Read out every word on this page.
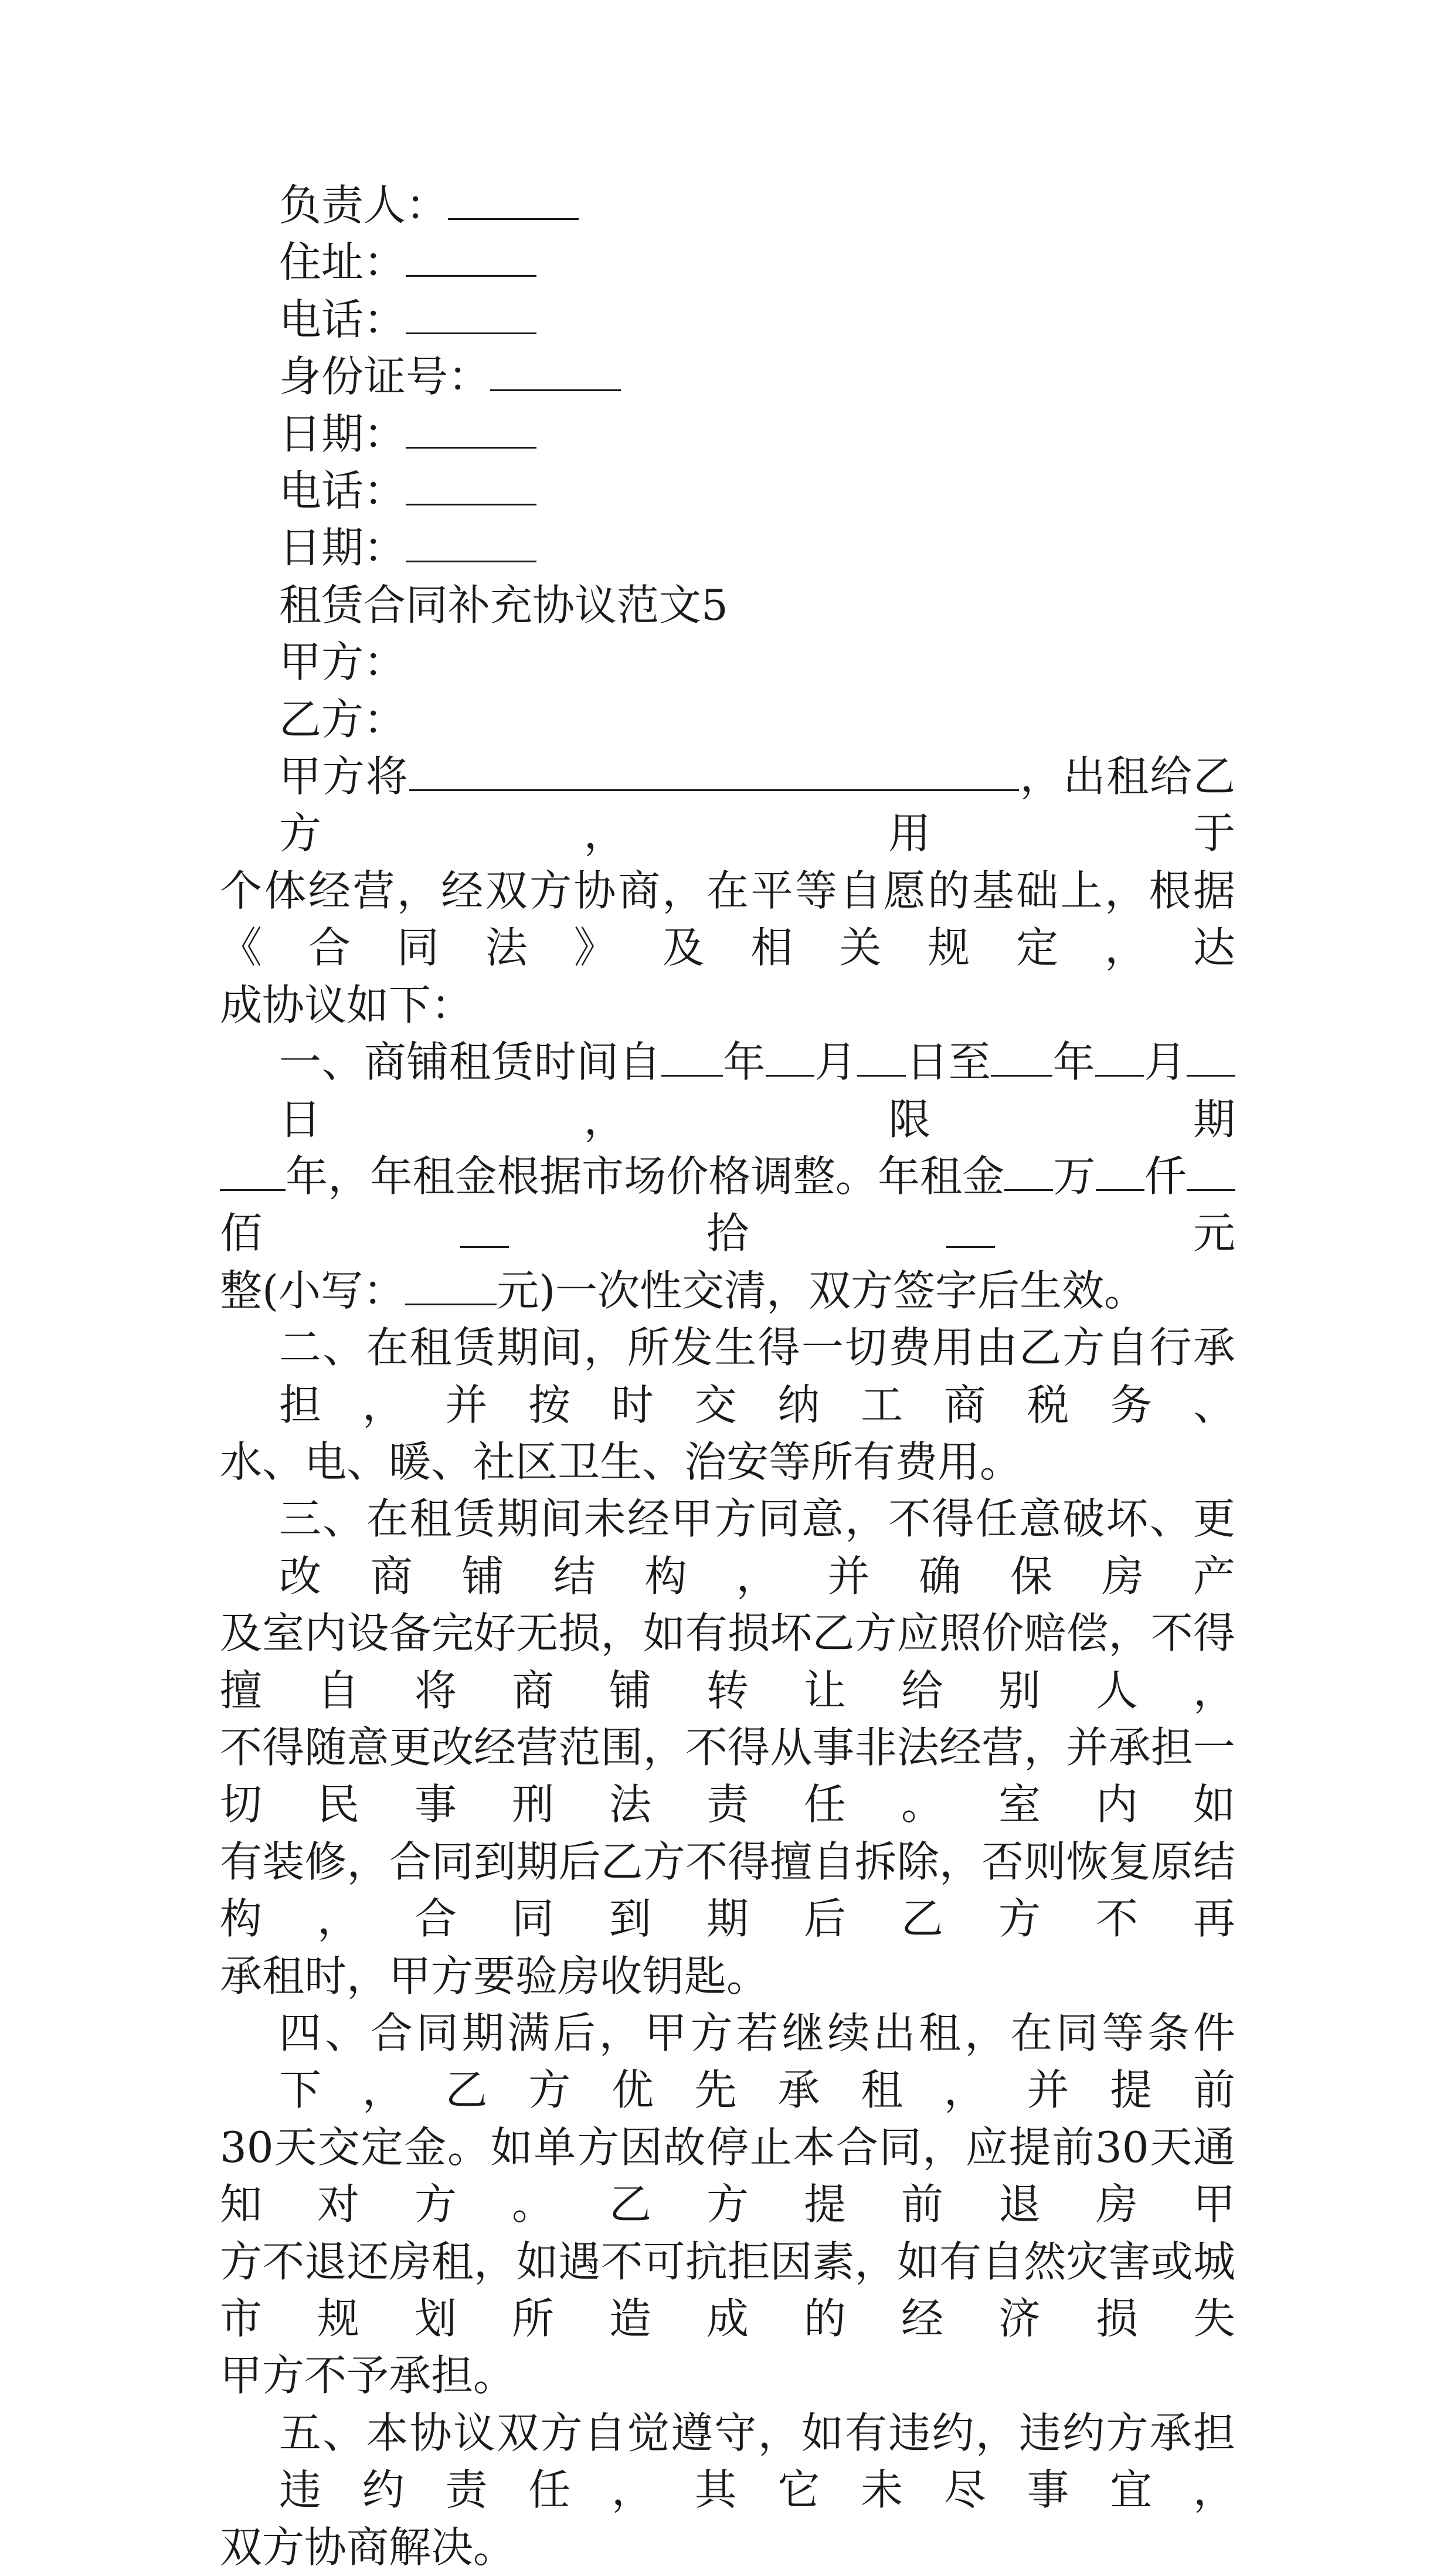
负责人：
住址：
电话：
身份证号：
日期：
电话：
日期：
租赁合同补充协议范文5
甲方：
乙方：
甲方将	，出租给乙方，用于
个体经营，经双方协商，在平等自愿的基础上，根据《合同法》及相关规定，达
成协议如下：
一、商铺租赁时间自 年 月 日至 年 月日，限期
年，年租金根据市场价格调整。年租金 万 仟佰 拾 元
整(小写： 元)一次性交清，双方签字后生效。
二、在租赁期间，所发生得一切费用由乙方自行承担，并按时交纳工商税务、
水、电、暖、社区卫生、治安等所有费用。
三、在租赁期间未经甲方同意，不得任意破坏、更改商铺结构，并确保房产
及室内设备完好无损，如有损坏乙方应照价赔偿，不得擅自将商铺转让给别人，
不得随意更改经营范围，不得从事非法经营，并承担一切民事刑法责任。室内如
有装修，合同到期后乙方不得擅自拆除，否则恢复原结构，合同到期后乙方不再
承租时，甲方要验房收钥匙。
四、合同期满后，甲方若继续出租，在同等条件下，乙方优先承租，并提前
30天交定金。如单方因故停止本合同，应提前30天通知对方。乙方提前退房甲
方不退还房租，如遇不可抗拒因素，如有自然灾害或城市规划所造成的经济损失
甲方不予承担。
五、本协议双方自觉遵守，如有违约，违约方承担违约责任，其它未尽事宜，
双方协商解决。
